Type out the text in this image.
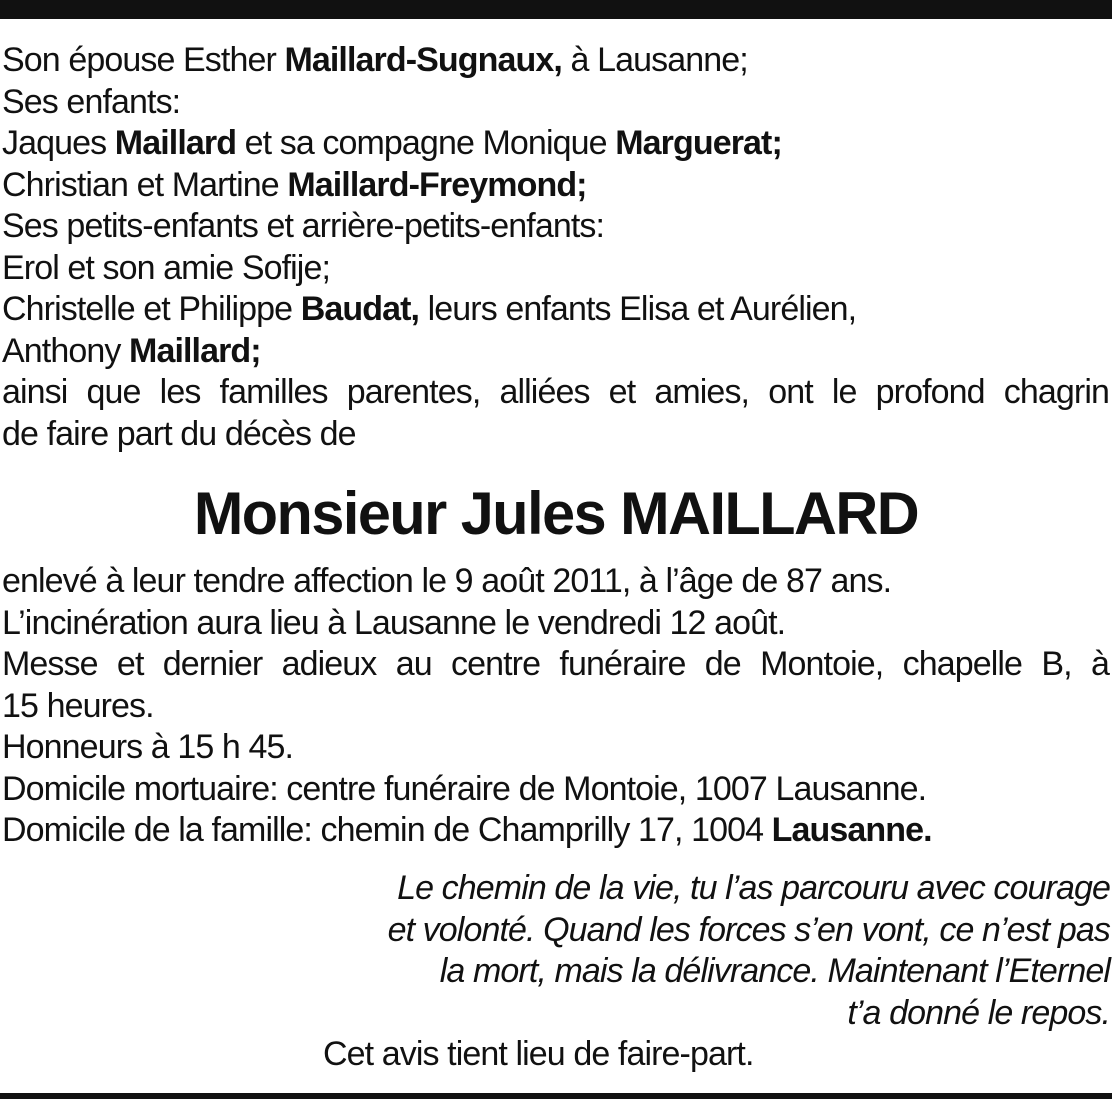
Son épouse Esther Maillard-Sugnaux, à Lausanne;
Ses enfants:
Jaques Maillard et sa compagne Monique Marguerat;
Christian et Martine Maillard-Freymond;
Ses petits-enfants et arrière-petits-enfants:
Erol et son amie Sofije;
Christelle et Philippe Baudat, leurs enfants Elisa et Aurélien,
Anthony Maillard;
ainsi que les familles parentes, alliées et amies, ont le profond chagrin
de faire part du décès de
Monsieur Jules MAILLARD
enlevé à leur tendre affection le 9 août 2011, à l’âge de 87 ans.
L’incinération aura lieu à Lausanne le vendredi 12 août.
Messe et dernier adieux au centre funéraire de Montoie, chapelle B, à
15 heures.
Honneurs à 15 h 45.
Domicile mortuaire: centre funéraire de Montoie, 1007 Lausanne.
Domicile de la famille: chemin de Champrilly 17, 1004 Lausanne.
Le chemin de la vie, tu l’as parcouru avec courage
et volonté. Quand les forces s’en vont, ce n’est pas
la mort, mais la délivrance. Maintenant l’Eternel
t’a donné le repos.
Cet avis tient lieu de faire-part.
